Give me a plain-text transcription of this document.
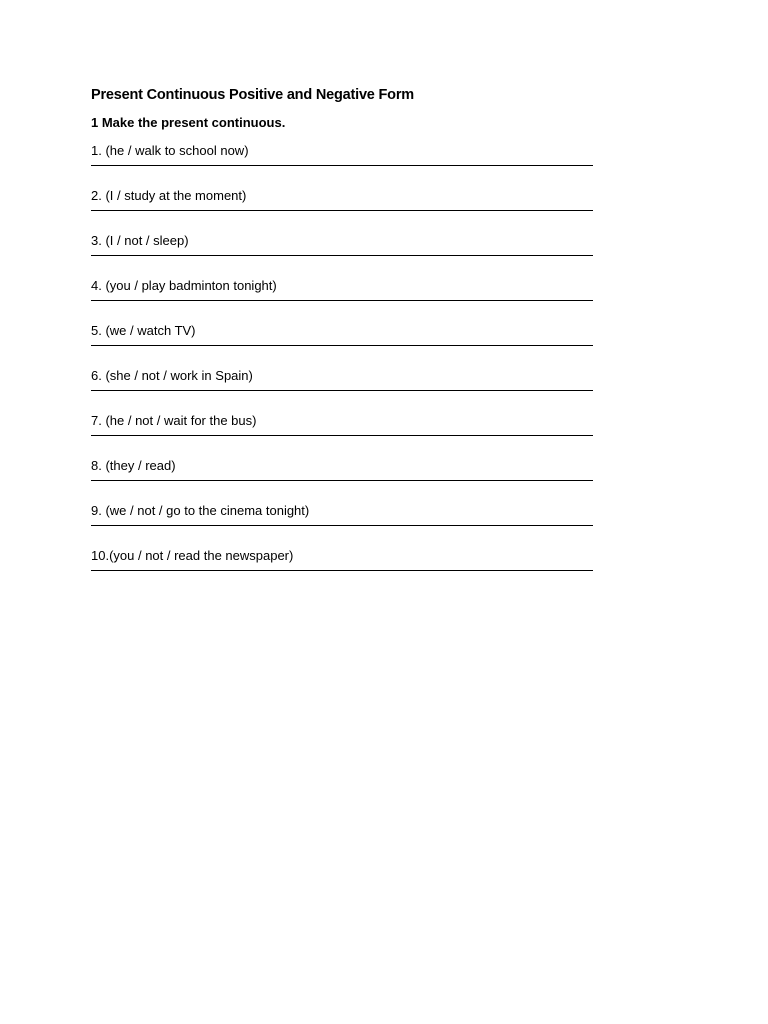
Present Continuous Positive and Negative Form

1 Make the present continuous.

1. (he / walk to school now)
2. (I / study at the moment)
3. (I / not / sleep)
4. (you / play badminton tonight)
5. (we / watch TV)
6. (she / not / work in Spain)
7. (he / not / wait for the bus)
8. (they / read)
9. (we / not / go to the cinema tonight)
10.(you / not / read the newspaper)
